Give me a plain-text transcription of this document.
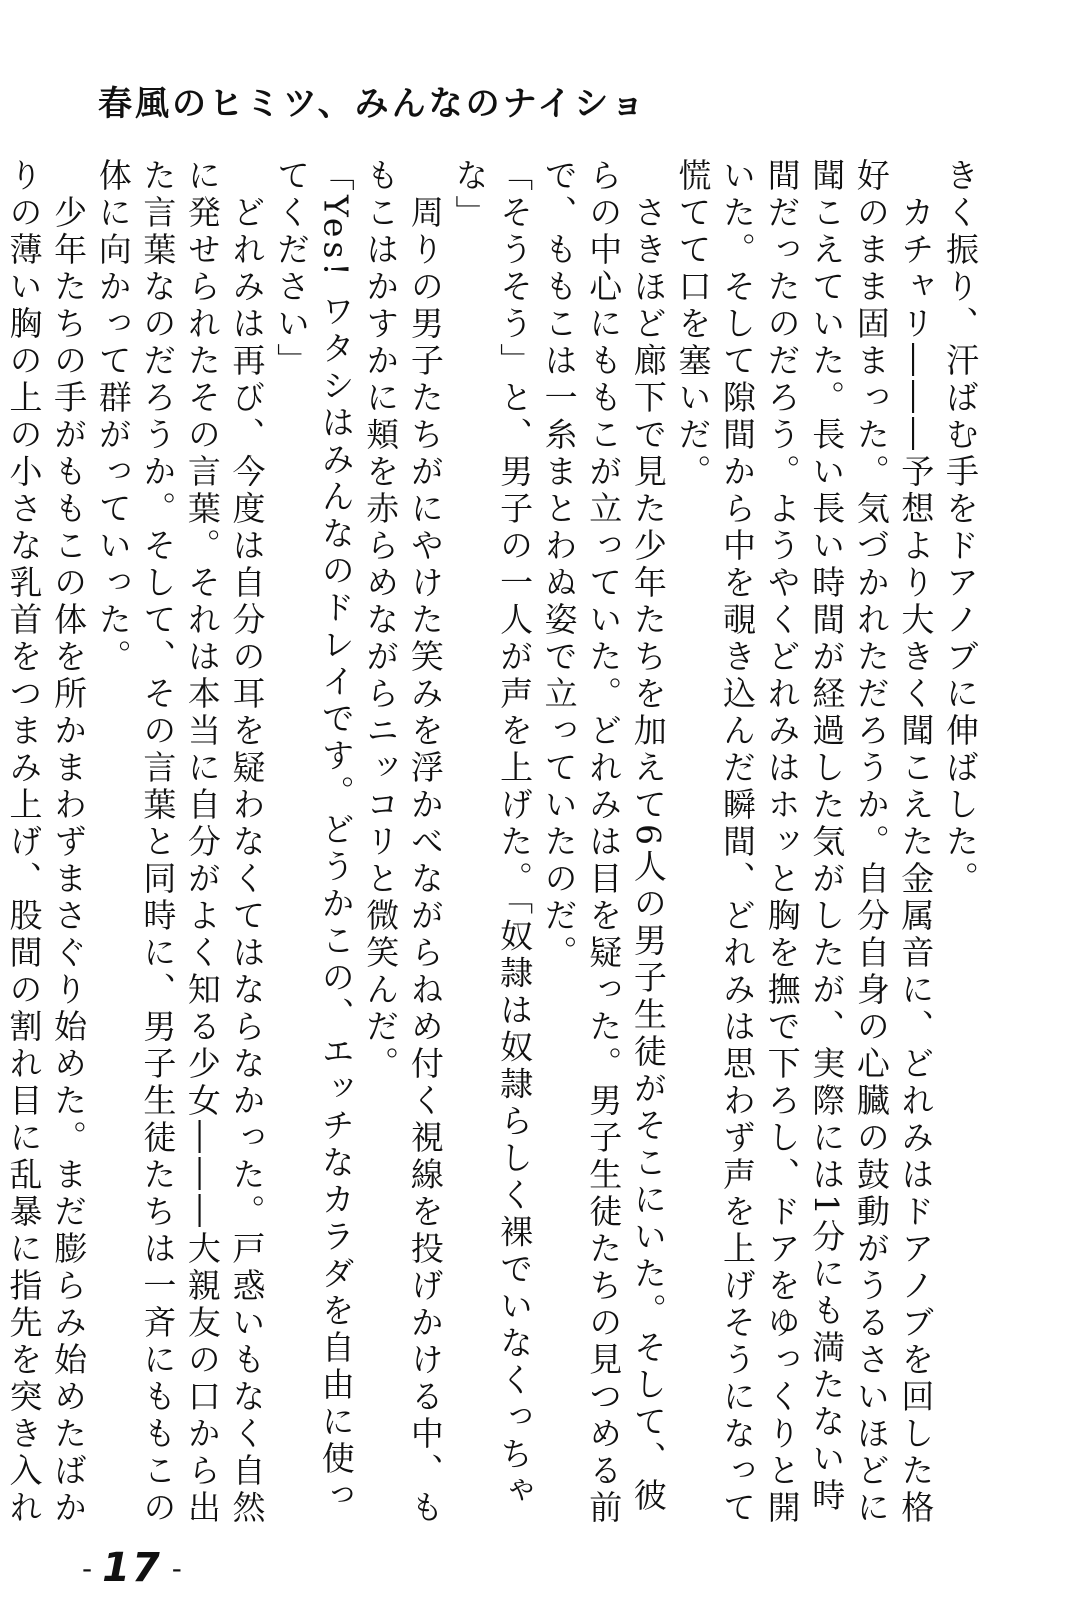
春風のヒミツ、みんなのナイショ

きく振り、汗ばむ手をドアノブに伸ばした。

　カチャリ―――予想より大きく聞こえた金属音に、どれみはドアノブを回した格好のまま固まった。気づかれただろうか。自分自身の心臓の鼓動がうるさいほどに聞こえていた。長い長い時間が経過した気がしたが、実際には1分にも満たない時間だったのだろう。ようやくどれみはホッと胸を撫で下ろし、ドアをゆっくりと開いた。そして隙間から中を覗き込んだ瞬間、どれみは思わず声を上げそうになって慌てて口を塞いだ。

　さきほど廊下で見た少年たちを加えて6人の男子生徒がそこにいた。そして、彼らの中心にももこが立っていた。どれみは目を疑った。男子生徒たちの見つめる前で、ももこは一糸まとわぬ姿で立っていたのだ。

「そうそう」と、男子の一人が声を上げた。「奴隷は奴隷らしく裸でいなくっちゃな」

　周りの男子たちがにやけた笑みを浮かべながらねめ付く視線を投げかける中、ももこはかすかに頬を赤らめながらニッコリと微笑んだ。

「Yes! ワタシはみんなのドレイです。どうかこの、エッチなカラダを自由に使ってください」

　どれみは再び、今度は自分の耳を疑わなくてはならなかった。戸惑いもなく自然に発せられたその言葉。それは本当に自分がよく知る少女―――大親友の口から出た言葉なのだろうか。そして、その言葉と同時に、男子生徒たちは一斉にももこの体に向かって群がっていった。

　少年たちの手がももこの体を所かまわずまさぐり始めた。まだ膨らみ始めたばかりの薄い胸の上の小さな乳首をつまみ上げ、股間の割れ目に乱暴に指先を突き入れ

- 17 -
